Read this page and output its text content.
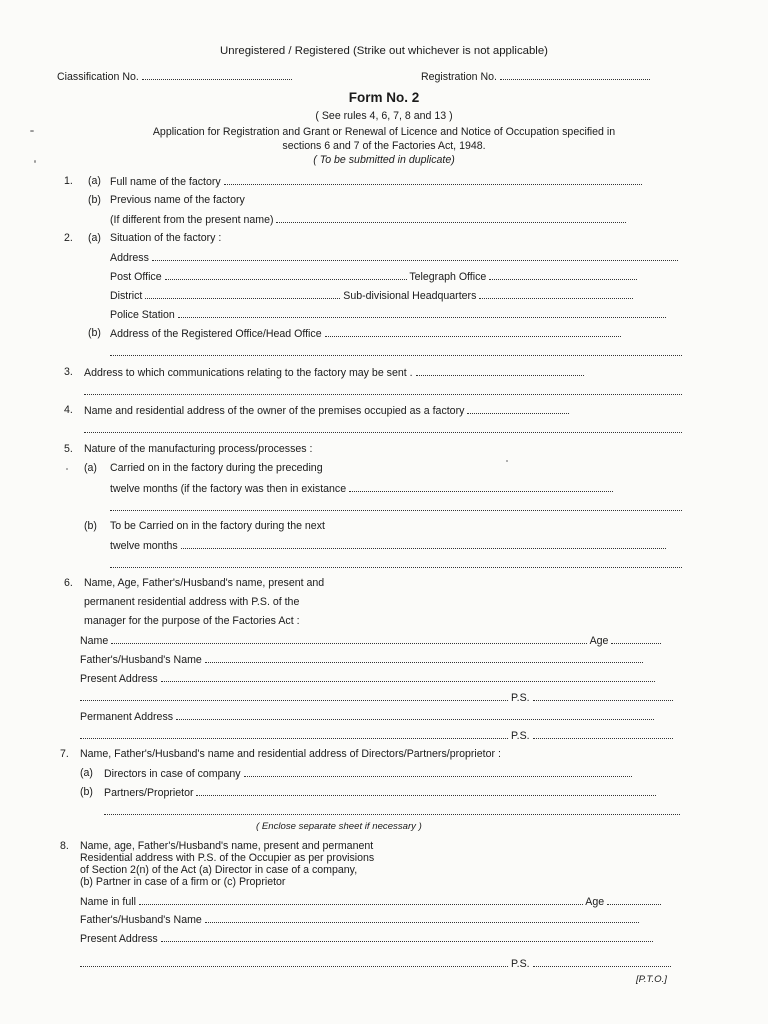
Unregistered / Registered (Strike out whichever is not applicable)
Ciassification No.	Registration No.
Form No. 2
( See rules 4, 6, 7, 8 and 13 )
Application for Registration and Grant or Renewal of Licence and Notice of Occupation specified in
sections 6 and 7 of the Factories Act, 1948.
( To be submitted in duplicate)
1. (a) Full name of the factory
(b) Previous name of the factory
(If different from the present name)
2. (a) Situation of the factory :
Address
Post Office	Telegraph Office
District	Sub-divisional Headquarters
Police Station
(b) Address of the Registered Office/Head Office
3. Address to which communications relating to the factory may be sent .
4. Name and residential address of the owner of the premises occupied as a factory
5. Nature of the manufacturing process/processes :
(a) Carried on in the factory during the preceding
twelve months (if the factory was then in existance
(b) To be Carried on in the factory during the next
twelve months
6. Name, Age, Father's/Husband's name, present and
permanent residential address with P.S. of the
manager for the purpose of the Factories Act :
Name	Age
Father's/Husband's Name
Present Address
P.S.
Permanent Address
P.S.
7. Name, Father's/Husband's name and residential address of Directors/Partners/proprietor :
(a) Directors in case of company
(b) Partners/Proprietor
( Enclose separate sheet if necessary )
8. Name, age, Father's/Husband's name, present and permanent
Residential address with P.S. of the Occupier as per provisions
of Section 2(n) of the Act (a) Director in case of a company,
(b) Partner in case of a firm or (c) Proprietor
Name in full	Age
Father's/Husband's Name
Present Address
P.S.
[P.T.O.]
